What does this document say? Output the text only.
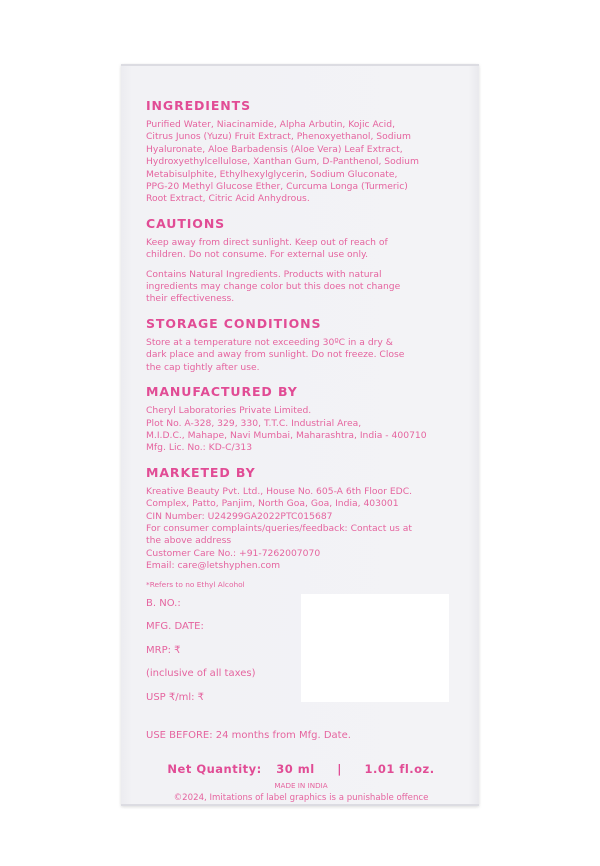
INGREDIENTS
Purified Water, Niacinamide, Alpha Arbutin, Kojic Acid,
Citrus Junos (Yuzu) Fruit Extract, Phenoxyethanol, Sodium
Hyaluronate, Aloe Barbadensis (Aloe Vera) Leaf Extract,
Hydroxyethylcellulose, Xanthan Gum, D-Panthenol, Sodium
Metabisulphite, Ethylhexylglycerin, Sodium Gluconate,
PPG-20 Methyl Glucose Ether, Curcuma Longa (Turmeric)
Root Extract, Citric Acid Anhydrous.
CAUTIONS
Keep away from direct sunlight. Keep out of reach of
children. Do not consume. For external use only.
Contains Natural Ingredients. Products with natural
ingredients may change color but this does not change
their effectiveness.
STORAGE CONDITIONS
Store at a temperature not exceeding 30ºC in a dry &
dark place and away from sunlight. Do not freeze. Close
the cap tightly after use.
MANUFACTURED BY
Cheryl Laboratories Private Limited.
Plot No. A-328, 329, 330, T.T.C. Industrial Area,
M.I.D.C., Mahape, Navi Mumbai, Maharashtra, India - 400710
Mfg. Lic. No.: KD-C/313
MARKETED BY
Kreative Beauty Pvt. Ltd., House No. 605-A 6th Floor EDC.
Complex, Patto, Panjim, North Goa, Goa, India, 403001
CIN Number: U24299GA2022PTC015687
For consumer complaints/queries/feedback: Contact us at
the above address
Customer Care No.: +91-7262007070
Email: care@letshyphen.com
*Refers to no Ethyl Alcohol
B. NO.:
MFG. DATE:
MRP: ₹
(inclusive of all taxes)
USP ₹/ml: ₹
USE BEFORE: 24 months from Mfg. Date.
Net Quantity: 30 ml | 1.01 fl.oz.
MADE IN INDIA
©2024, Imitations of label graphics is a punishable offence
